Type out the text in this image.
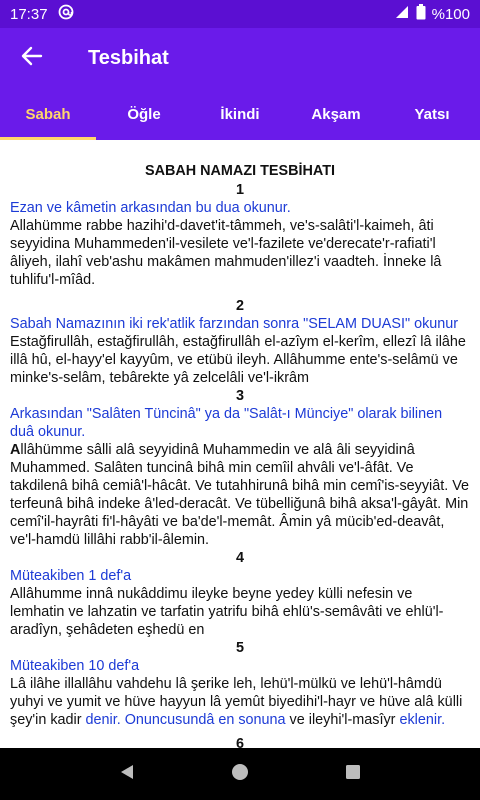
17:37	%100
Tesbihat
Sabah	Öğle	İkindi	Akşam	Yatsı
SABAH NAMAZI TESBİHATI
1
Ezan ve kâmetin arkasından bu dua okunur.
Allahümme rabbe hazihi'd-davet'it-tâmmeh, ve's-salâti'l-kaimeh, âti seyyidina Muhammeden'il-vesilete ve'l-fazilete ve'derecate'r-rafiati'l âliyeh, ilahî veb'ashu makâmen mahmuden'illez'i vaadteh. İnneke lâ tuhlifu'l-mîâd.
2
Sabah Namazının iki rek'atlik farzından sonra "SELAM DUASI" okunur
Estağfirullâh, estağfirullâh, estağfirullâh el-azîym el-kerîm, ellezî lâ ilâhe illâ hû, el-hayy'el kayyûm, ve etübü ileyh. Allâhumme ente's-selâmü ve minke's-selâm, tebârekte yâ zelcelâli ve'l-ikrâm
3
Arkasından "Salâten Tüncinâ" ya da "Salât-ı Münciye" olarak bilinen duâ okunur.
Allâhümme sâlli alâ seyyidinâ Muhammedin ve alâ âli seyyidinâ Muhammed. Salâten tuncinâ bihâ min cemîil ahvâli ve'l-âfât. Ve takdilenâ bihâ cemiâ'l-hâcât. Ve tutahhirunâ bihâ min cemî'is-seyyiât. Ve terfeunâ bihâ indeke â'led-deracât. Ve tübelliğunâ bihâ aksa'l-gâyât. Min cemî'il-hayrâti fi'l-hâyâti ve ba'de'l-memât. Âmin yâ mücib'ed-deavât, ve'l-hamdü lillâhi rabb'il-âlemin.
4
Müteakiben 1 def'a
Allâhumme innâ nukâddimu ileyke beyne yedey külli nefesin ve lemhatin ve lahzatin ve tarfatin yatrifu bihâ ehlü's-semâvâti ve ehlü'l-aradîyn, şehâdeten eşhedü en
5
Müteakiben 10 def'a
Lâ ilâhe illallâhu vahdehu lâ şerike leh, lehü'l-mülkü ve lehü'l-hâmdü yuhyi ve yumit ve hüve hayyun lâ yemût biyedihi'l-hayr ve hüve alâ külli şey'in kadir denir. Onuncusundâ en sonuna ve ileyhi'l-masîyr eklenir.
6
